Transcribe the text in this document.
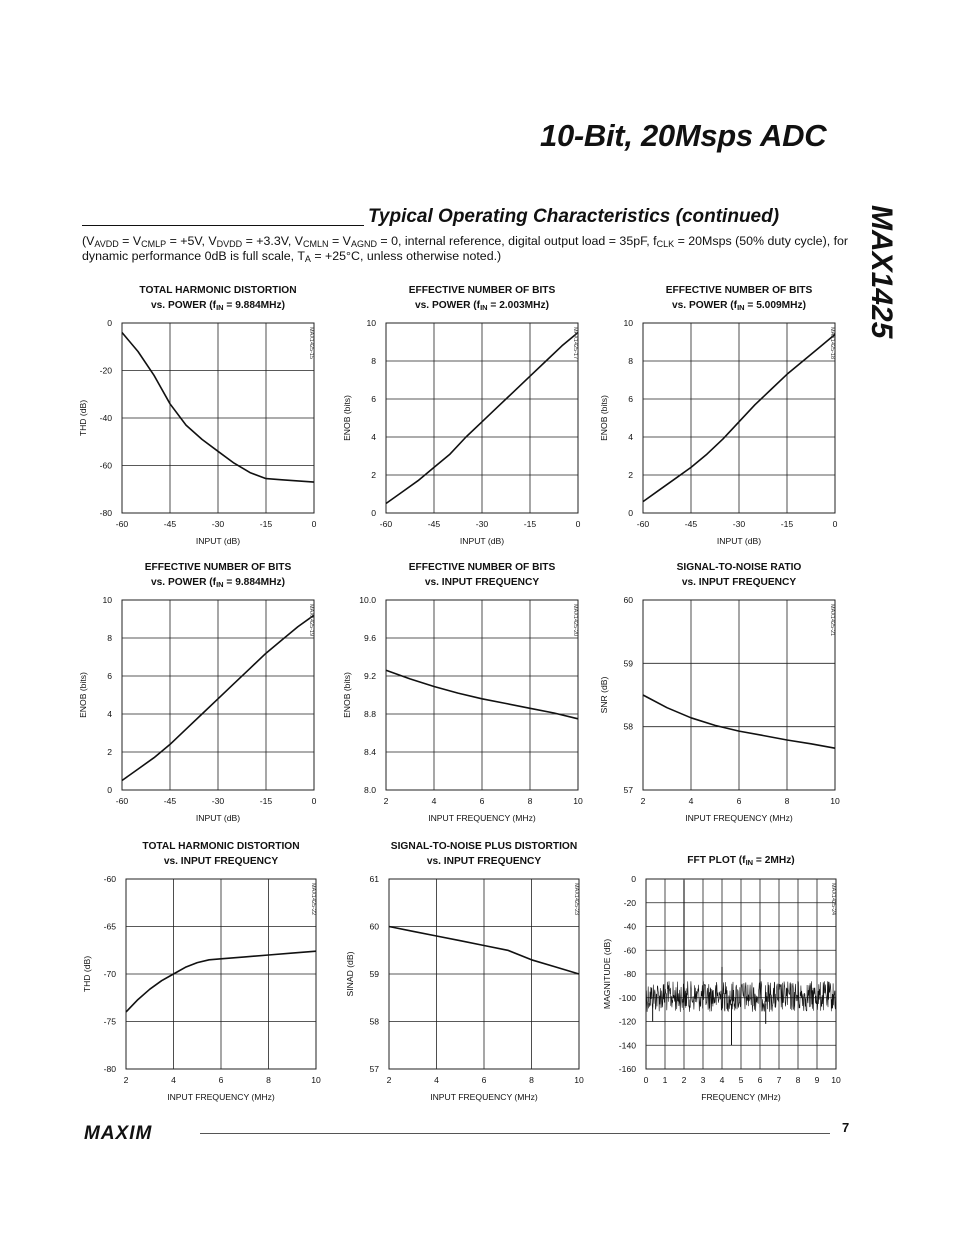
10-Bit, 20Msps ADC
MAX1425
Typical Operating Characteristics (continued)
($V_{AVDD} = V_{CMLP} = +5V$, $V_{DVDD} = +3.3V$, $V_{CMLN} = V_{AGND} = 0$, internal reference, digital output load = 35pF, $f_{CLK}$ = 20Msps (50% duty cycle), for dynamic performance 0dB is full scale, $T_A = +25^\circ C$, unless otherwise noted.)
TOTAL HARMONIC DISTORTION
vs. POWER $(f_{IN} = 9.884MHz)$
EFFECTIVE NUMBER OF BITS
vs. POWER $(f_{IN} = 2.003MHz)$
EFFECTIVE NUMBER OF BITS
vs. POWER $(f_{IN} = 5.009MHz)$
EFFECTIVE NUMBER OF BITS
vs. POWER $(f_{IN} = 9.884MHz)$
EFFECTIVE NUMBER OF BITS
vs. INPUT FREQUENCY
SIGNAL-TO-NOISE RATIO
vs. INPUT FREQUENCY
TOTAL HARMONIC DISTORTION
vs. INPUT FREQUENCY
SIGNAL-TO-NOISE PLUS DISTORTION
vs. INPUT FREQUENCY	FFT PLOT $(f_{IN} = 2MHz)$
-60	-45	-30	-15	0
-80
-60
-40
-20
0
INPUT (dB)
THD (dB)
MAX1425-15
-60	-45	-30	-15	0
0
2
4
6
8
10
INPUT (dB)
ENOB (bits)
MAX1425-17
-60	-45	-30	-15	0
0
2
4
6
8
10
INPUT (dB)
ENOB (bits)
MAX1425-18
-60	-45	-30	-15	0
0
2
4
6
8
10
INPUT (dB)
ENOB (bits)
MAX1425-19
2	4	6	8	10
8.0
8.4
8.8
9.2
9.6
10.0
INPUT FREQUENCY (MHz)
ENOB (bits)
MAX1425-20
2	4	6	8	10
57
58
59
60
INPUT FREQUENCY (MHz)
SNR (dB)
MAX1425-21
2	4	6	8	10
-80
-75
-70
-65
-60
INPUT FREQUENCY (MHz)
THD (dB)
MAX1425-22
2	4	6	8	10
57
58
59
60
61
INPUT FREQUENCY (MHz)
SINAD (dB)
MAX1425-23
0 1 2 3 4 5 6 7 8 9 10
-160
-140
-120
-100
-80
-60
-40
-20
0
FREQUENCY (MHz)
MAGNITUDE (dB)
MAX1425-24
MAXIM	7
